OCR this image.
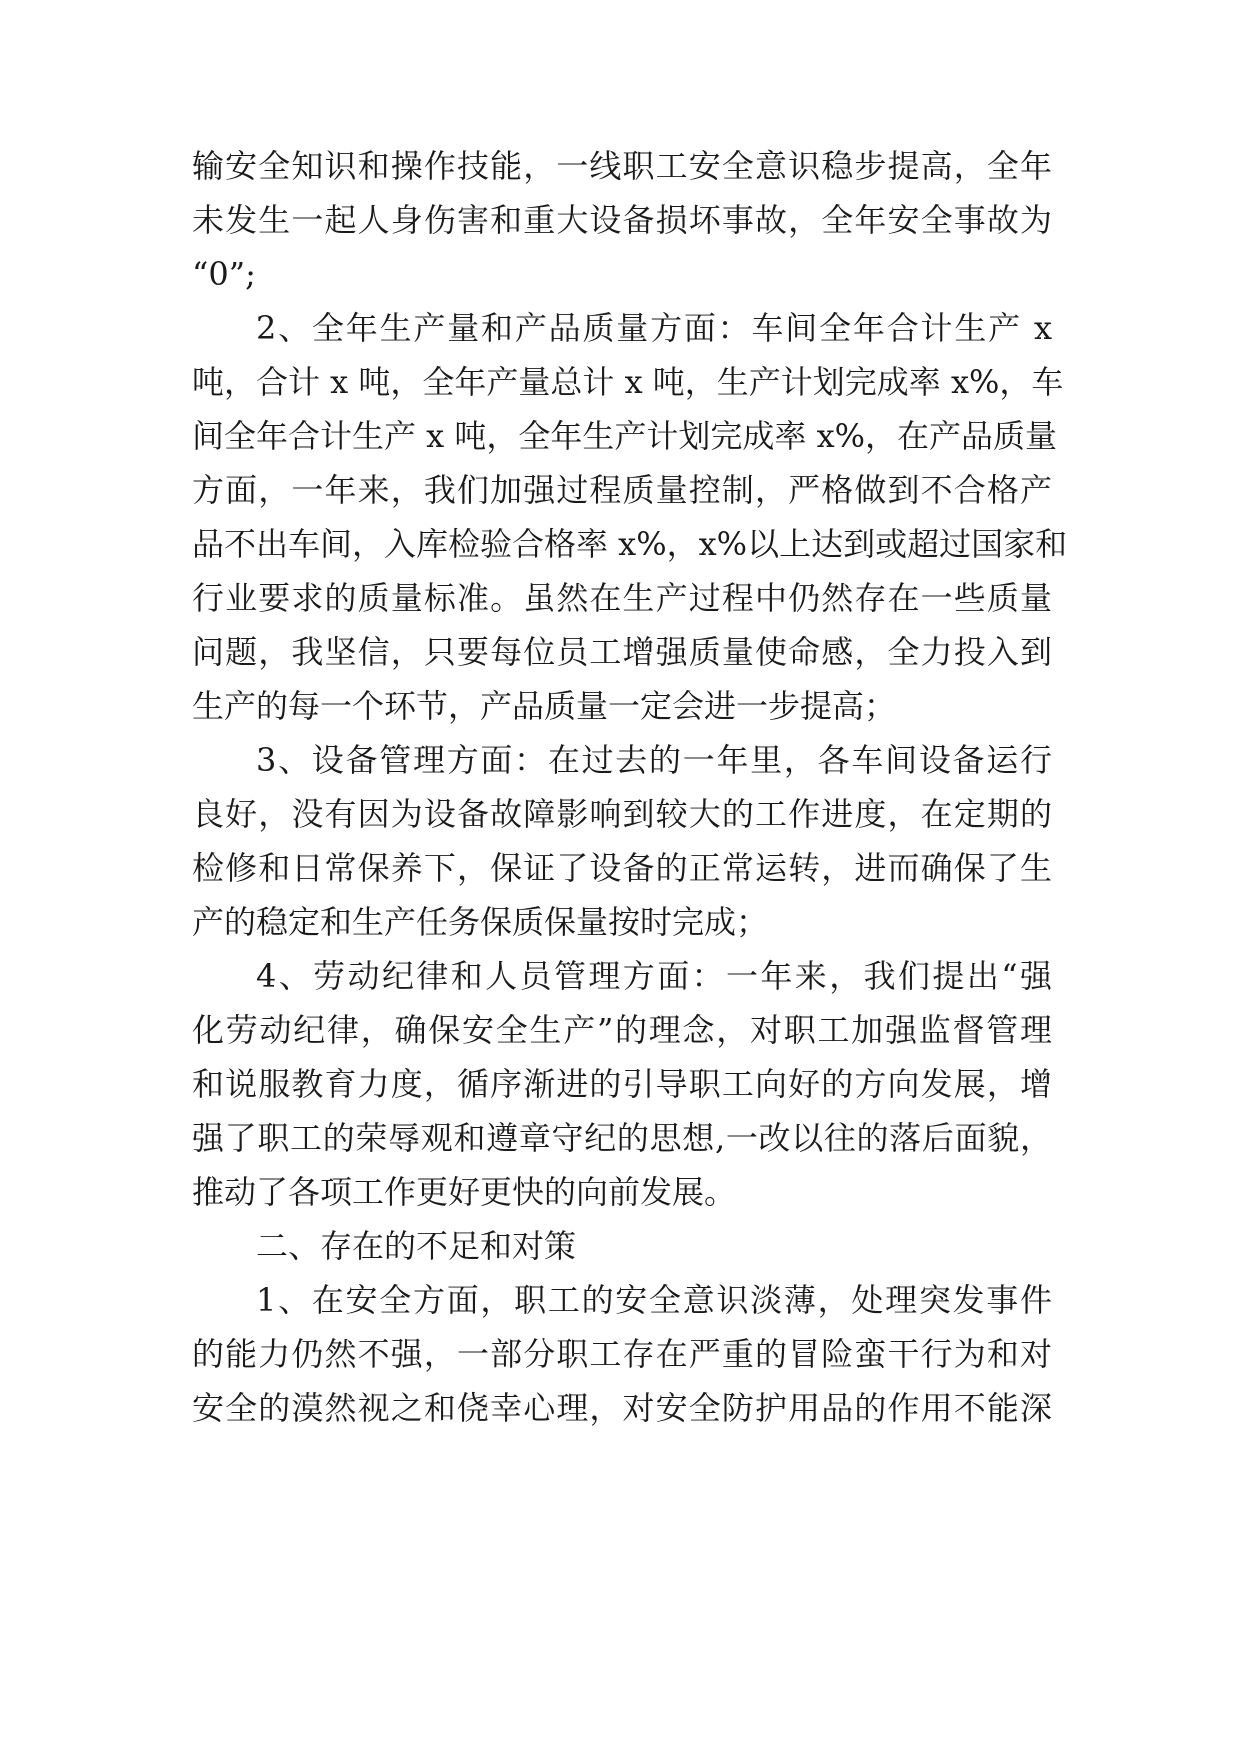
输安全知识和操作技能，一线职工安全意识稳步提高，全年
未发生一起人身伤害和重大设备损坏事故，全年安全事故为
“0”;
2、全年生产量和产品质量方面：车间全年合计生产 x
吨，合计 x 吨，全年产量总计 x 吨，生产计划完成率 x%，车
间全年合计生产 x 吨，全年生产计划完成率 x%，在产品质量
方面，一年来，我们加强过程质量控制，严格做到不合格产
品不出车间，入库检验合格率 x%，x%以上达到或超过国家和
行业要求的质量标准。虽然在生产过程中仍然存在一些质量
问题，我坚信，只要每位员工增强质量使命感，全力投入到
生产的每一个环节，产品质量一定会进一步提高；
3、设备管理方面：在过去的一年里，各车间设备运行
良好，没有因为设备故障影响到较大的工作进度，在定期的
检修和日常保养下，保证了设备的正常运转，进而确保了生
产的稳定和生产任务保质保量按时完成；
4、劳动纪律和人员管理方面：一年来，我们提出“强
化劳动纪律，确保安全生产”的理念，对职工加强监督管理
和说服教育力度，循序渐进的引导职工向好的方向发展，增
强了职工的荣辱观和遵章守纪的思想,一改以往的落后面貌，
推动了各项工作更好更快的向前发展。
二、存在的不足和对策
1、在安全方面，职工的安全意识淡薄，处理突发事件
的能力仍然不强，一部分职工存在严重的冒险蛮干行为和对
安全的漠然视之和侥幸心理，对安全防护用品的作用不能深
